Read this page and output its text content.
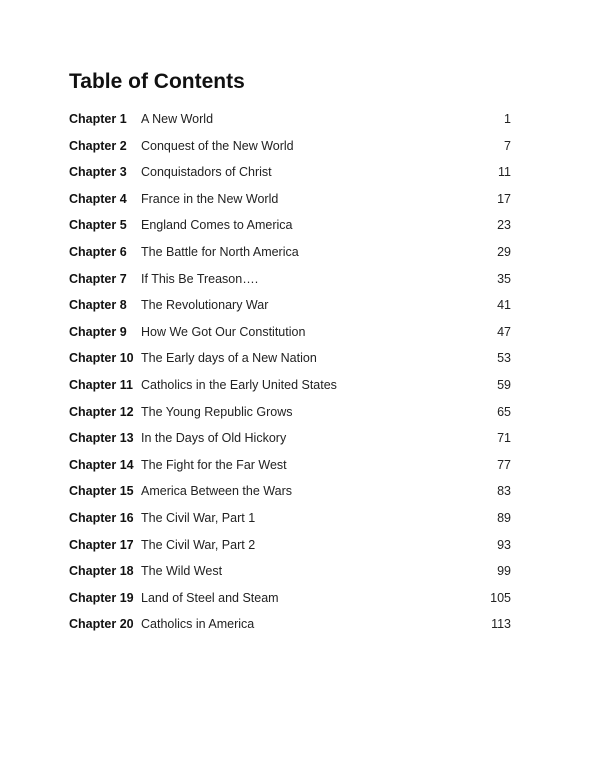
Table of Contents
Chapter 1 A New World	1
Chapter 2 Conquest of the New World	7
Chapter 3 Conquistadors of Christ	11
Chapter 4 France in the New World	17
Chapter 5 England Comes to America	23
Chapter 6 The Battle for North America	29
Chapter 7 If This Be Treason….	35
Chapter 8 The Revolutionary War	41
Chapter 9 How We Got Our Constitution	47
Chapter 10 The Early days of a New Nation	53
Chapter 11 Catholics in the Early United States	59
Chapter 12 The Young Republic Grows	65
Chapter 13 In the Days of Old Hickory	71
Chapter 14 The Fight for the Far West	77
Chapter 15 America Between the Wars	83
Chapter 16 The Civil War, Part 1	89
Chapter 17 The Civil War, Part 2	93
Chapter 18 The Wild West	99
Chapter 19 Land of Steel and Steam	105
Chapter 20 Catholics in America	113
